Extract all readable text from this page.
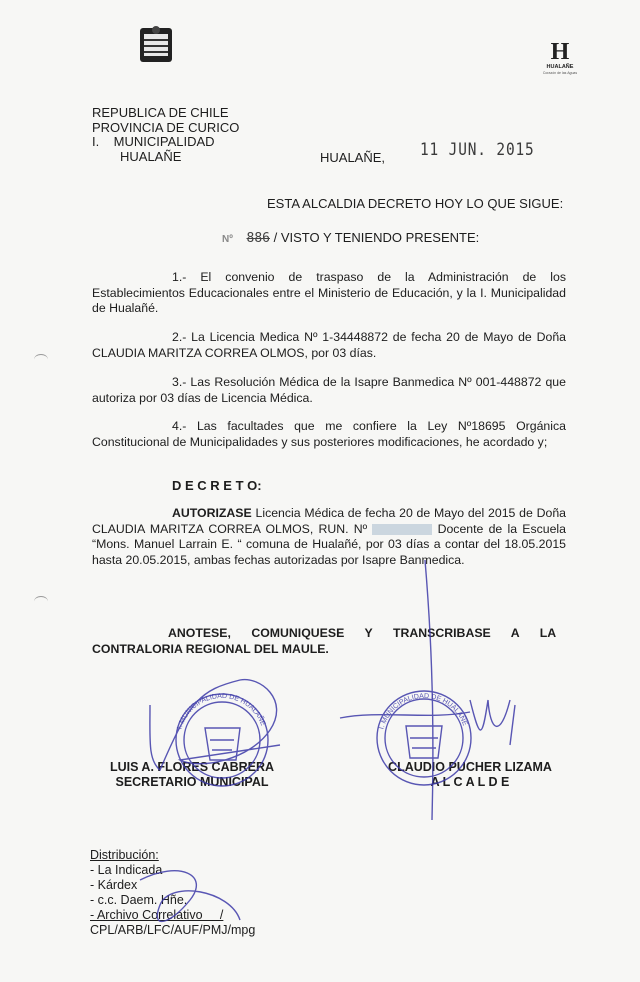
H
HUALAÑE
Corazón de las Aguas
REPUBLICA DE CHILE
PROVINCIA DE CURICO
I.    MUNICIPALIDAD
HUALAÑE	HUALAÑE, 11 JUN. 2015
ESTA ALCALDIA DECRETO HOY LO QUE SIGUE:
Nº 886 / VISTO Y TENIENDO PRESENTE:
1.- El convenio de traspaso de la Administración de los Establecimientos Educacionales entre el Ministerio de Educación, y la I. Municipalidad de Hualañé.
2.- La Licencia Medica Nº 1-34448872 de fecha 20 de Mayo de Doña CLAUDIA MARITZA CORREA OLMOS, por 03 días.
3.- Las Resolución Médica de la Isapre Banmedica Nº 001-448872 que autoriza por 03 días de Licencia Médica.
4.- Las facultades que me confiere la Ley Nº18695 Orgánica Constitucional de Municipalidades y sus posteriores modificaciones, he acordado y;
D E C R E T O:
AUTORIZASE Licencia Médica de fecha 20 de Mayo del 2015 de Doña CLAUDIA MARITZA CORREA OLMOS, RUN. Nº	Docente de la Escuela “Mons. Manuel Larrain E. “ comuna de Hualañé, por 03 días a contar del 18.05.2015 hasta 20.05.2015, ambas fechas autorizadas por Isapre Banmedica.
ANOTESE,      COMUNIQUESE      Y      TRANSCRIBASE      A      LA
CONTRALORIA REGIONAL DEL MAULE.
LUIS A. FLORES CABRERA
SECRETARIO MUNICIPAL
CLAUDIO PUCHER LIZAMA
A L C A L D E
Distribución:
- La Indicada
- Kárdex
- c.c. Daem. Hñe.
- Archivo Correlativo     /
CPL/ARB/LFC/AUF/PMJ/mpg
I. MUNICIPALIDAD DE HUALAÑE
I. MUNICIPALIDAD DE HUALAÑE
